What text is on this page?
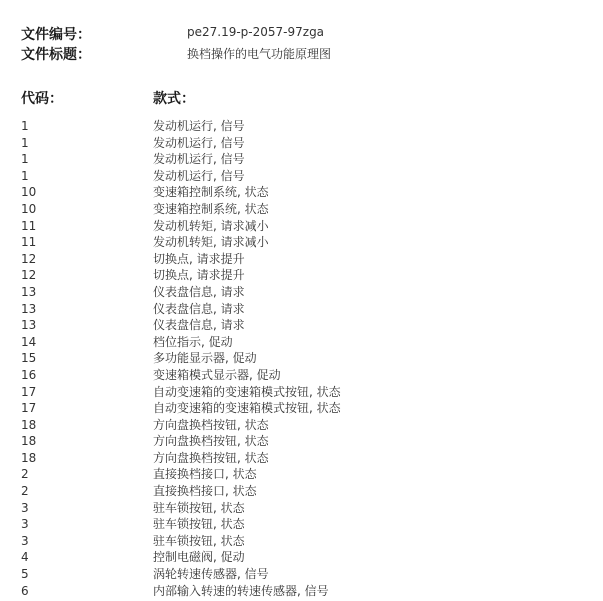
文件编号：	pe27.19-p-2057-97zga
文件标题：	换档操作的电气功能原理图
代码：	款式：
1	发动机运行, 信号
1	发动机运行, 信号
1	发动机运行, 信号
1	发动机运行, 信号
10	变速箱控制系统, 状态
10	变速箱控制系统, 状态
11	发动机转矩, 请求减小
11	发动机转矩, 请求减小
12	切换点, 请求提升
12	切换点, 请求提升
13	仪表盘信息, 请求
13	仪表盘信息, 请求
13	仪表盘信息, 请求
14	档位指示, 促动
15	多功能显示器, 促动
16	变速箱模式显示器, 促动
17	自动变速箱的变速箱模式按钮, 状态
17	自动变速箱的变速箱模式按钮, 状态
18	方向盘换档按钮, 状态
18	方向盘换档按钮, 状态
18	方向盘换档按钮, 状态
2	直接换档接口, 状态
2	直接换档接口, 状态
3	驻车锁按钮, 状态
3	驻车锁按钮, 状态
3	驻车锁按钮, 状态
4	控制电磁阀, 促动
5	涡轮转速传感器, 信号
6	内部输入转速的转速传感器, 信号
